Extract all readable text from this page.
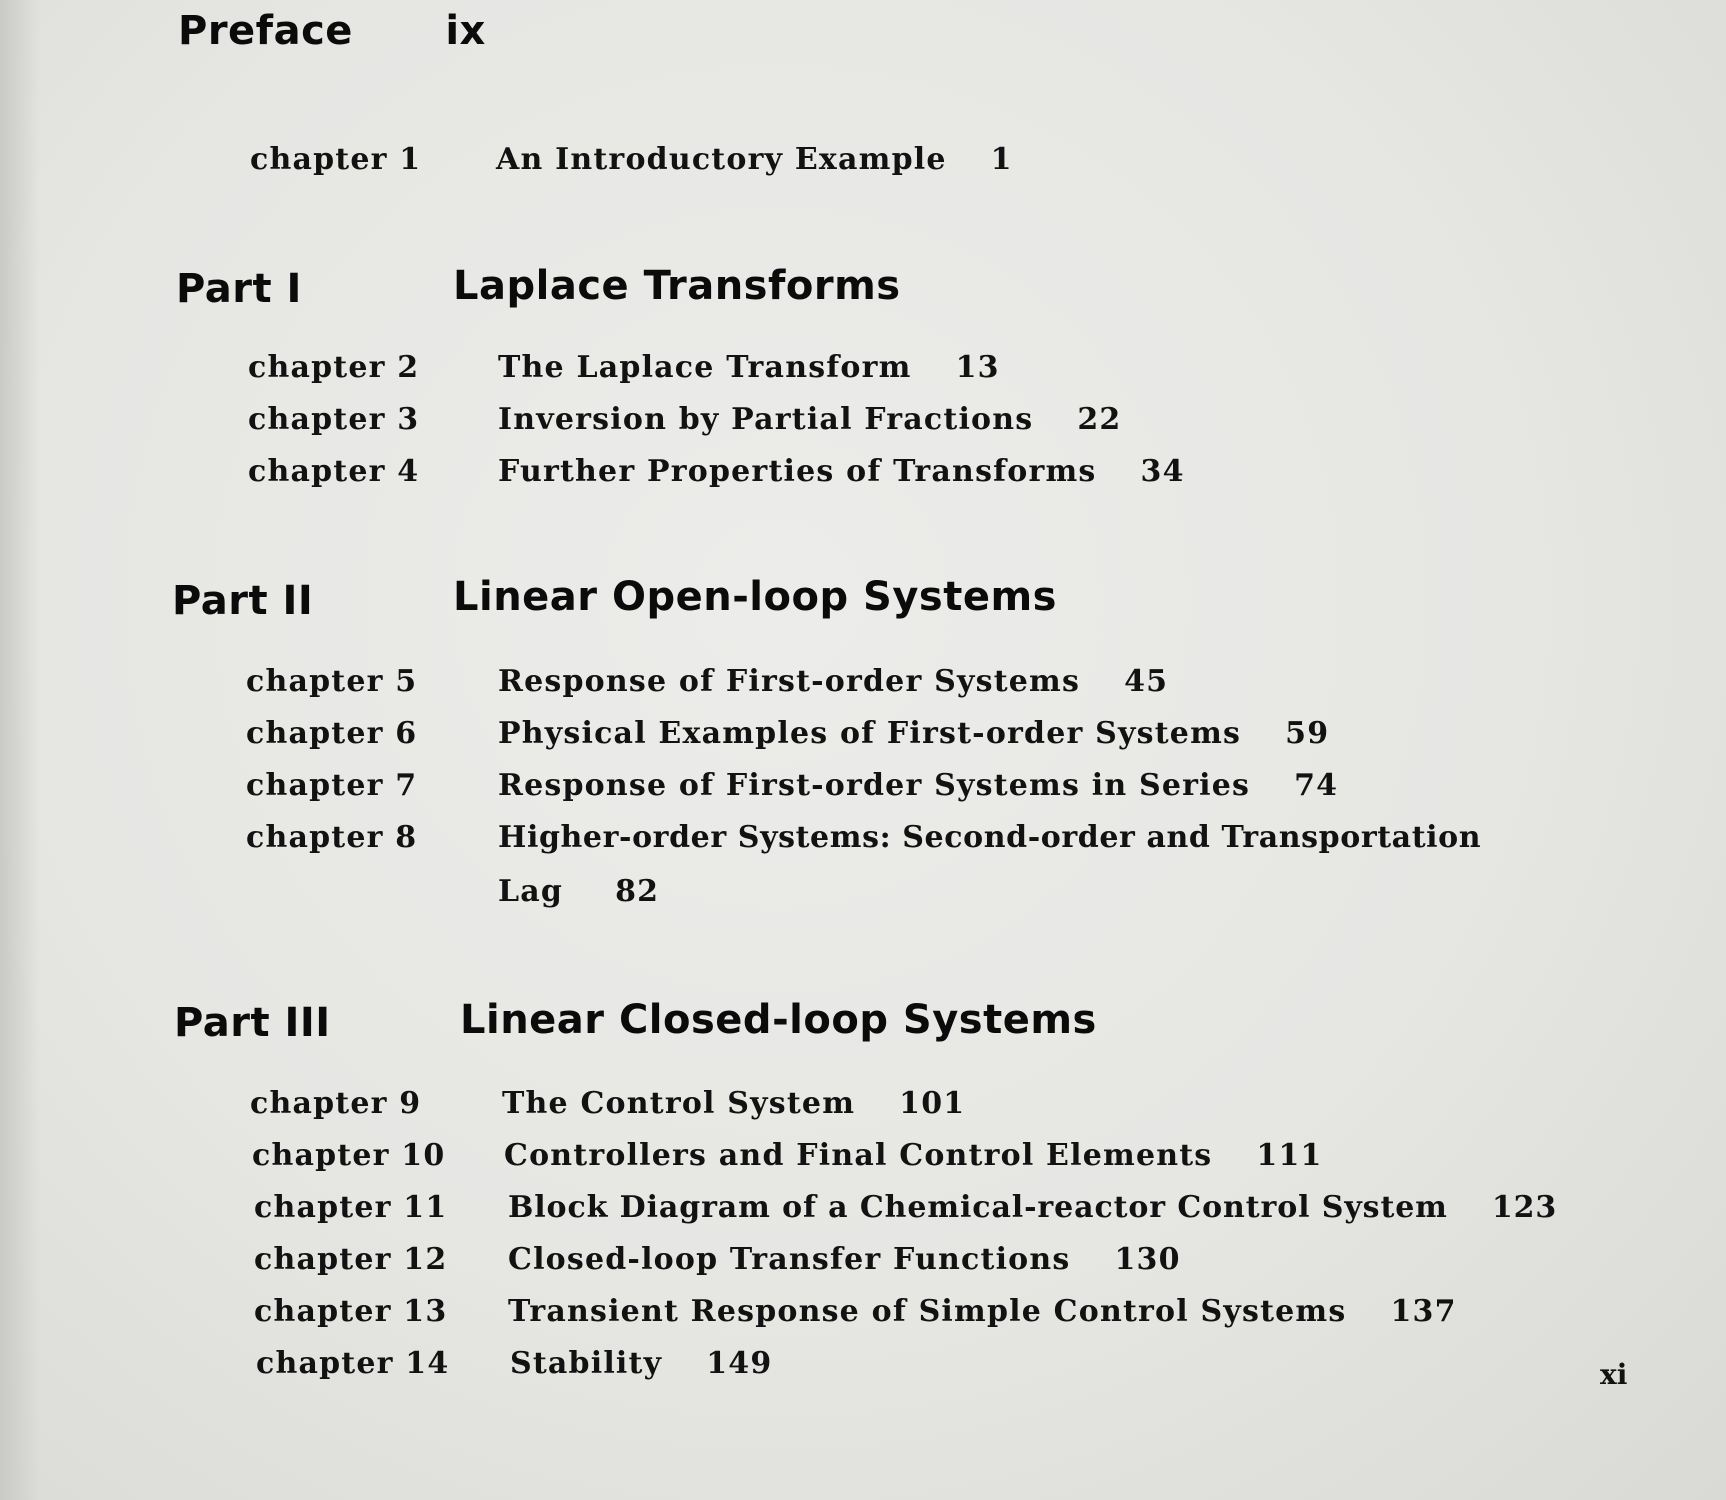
Preface ix
chapter 1 An Introductory Example 1
Part I	Laplace Transforms
chapter 2	The Laplace Transform 13
chapter 3	Inversion by Partial Fractions 22
chapter 4	Further Properties of Transforms 34
Part II	Linear Open-loop Systems
chapter 5	Response of First-order Systems 45
chapter 6	Physical Examples of First-order Systems 59
chapter 7	Response of First-order Systems in Series 74
chapter 8	Higher-order Systems: Second-order and Transportation
Lag 82
Part III	Linear Closed-loop Systems
chapter 9	The Control System 101
chapter 10 Controllers and Final Control Elements 111
chapter 11 Block Diagram of a Chemical-reactor Control System 123
chapter 12 Closed-loop Transfer Functions 130
chapter 13 Transient Response of Simple Control Systems 137
chapter 14 Stability 149	xi
